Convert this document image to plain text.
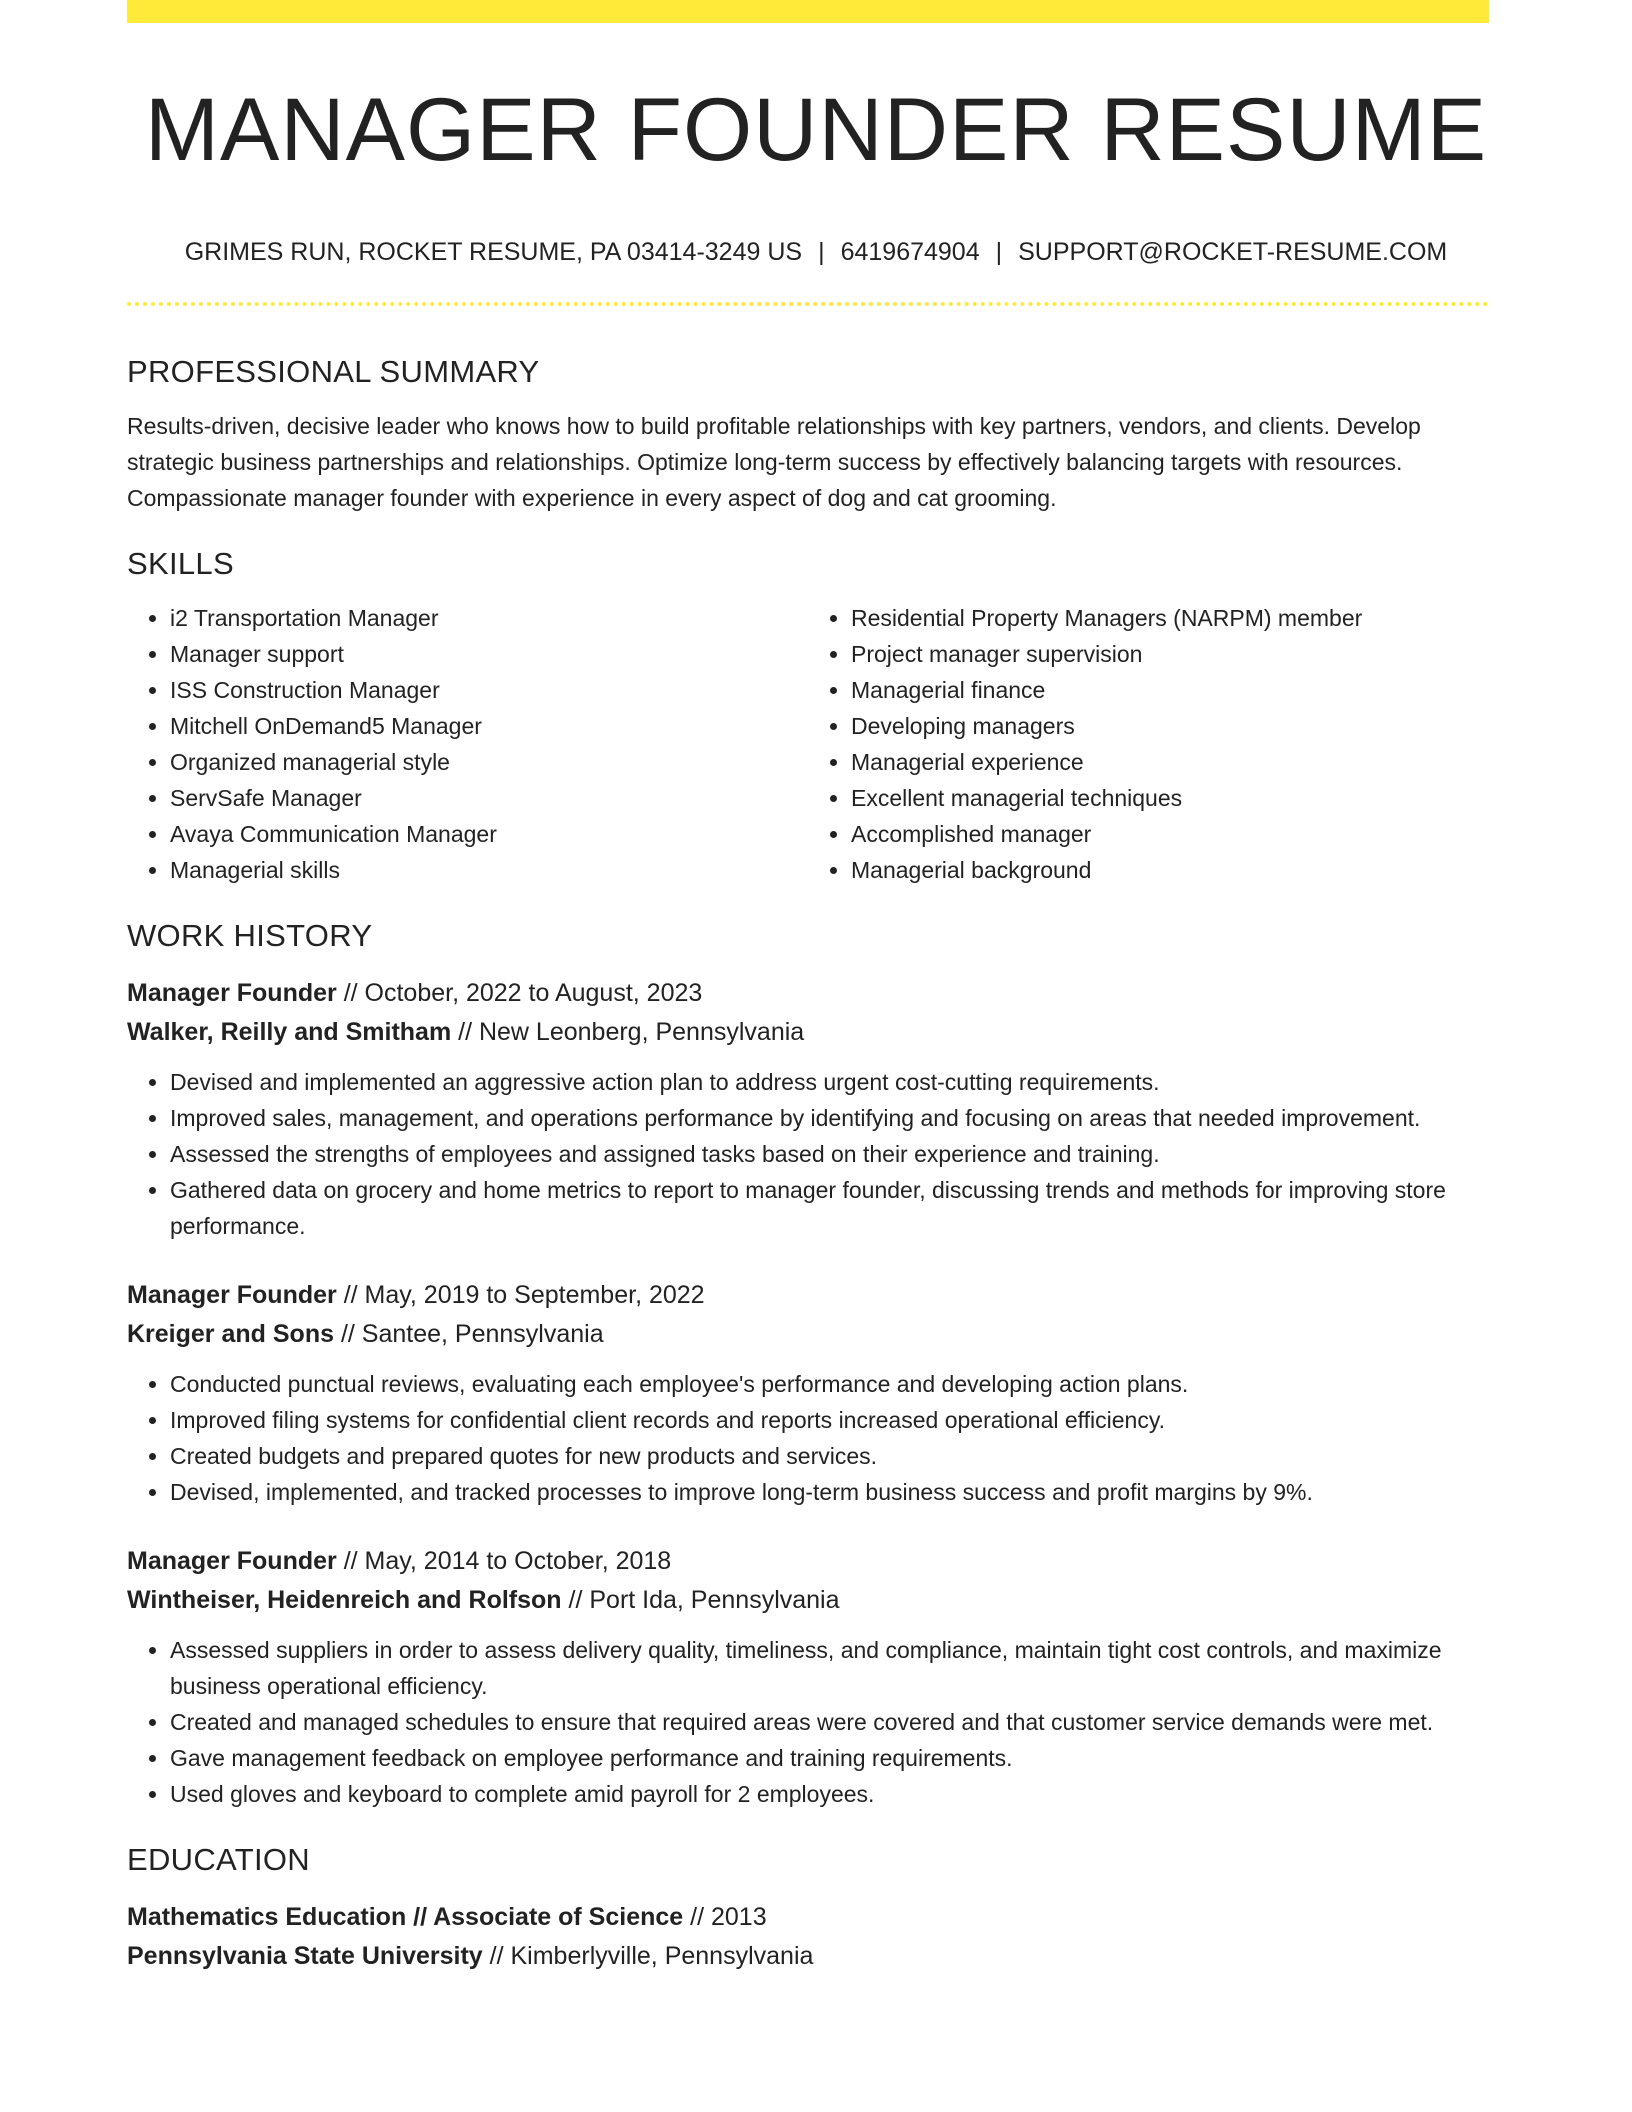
MANAGER FOUNDER RESUME
GRIMES RUN, ROCKET RESUME, PA 03414-3249 US | 6419674904 | SUPPORT@ROCKET-RESUME.COM
PROFESSIONAL SUMMARY

Results-driven, decisive leader who knows how to build profitable relationships with key partners, vendors, and clients. Develop strategic business partnerships and relationships. Optimize long-term success by effectively balancing targets with resources. Compassionate manager founder with experience in every aspect of dog and cat grooming.

SKILLS
• i2 Transportation Manager
• Manager support
• ISS Construction Manager
• Mitchell OnDemand5 Manager
• Organized managerial style
• ServSafe Manager
• Avaya Communication Manager
• Managerial skills
• Residential Property Managers (NARPM) member
• Project manager supervision
• Managerial finance
• Developing managers
• Managerial experience
• Excellent managerial techniques
• Accomplished manager
• Managerial background
WORK HISTORY
Manager Founder // October, 2022 to August, 2023
Walker, Reilly and Smitham // New Leonberg, Pennsylvania
• Devised and implemented an aggressive action plan to address urgent cost-cutting requirements.
• Improved sales, management, and operations performance by identifying and focusing on areas that needed improvement.
• Assessed the strengths of employees and assigned tasks based on their experience and training.
• Gathered data on grocery and home metrics to report to manager founder, discussing trends and methods for improving store performance.
Manager Founder // May, 2019 to September, 2022
Kreiger and Sons // Santee, Pennsylvania
• Conducted punctual reviews, evaluating each employee's performance and developing action plans.
• Improved filing systems for confidential client records and reports increased operational efficiency.
• Created budgets and prepared quotes for new products and services.
• Devised, implemented, and tracked processes to improve long-term business success and profit margins by 9%.
Manager Founder // May, 2014 to October, 2018
Wintheiser, Heidenreich and Rolfson // Port Ida, Pennsylvania
• Assessed suppliers in order to assess delivery quality, timeliness, and compliance, maintain tight cost controls, and maximize business operational efficiency.
• Created and managed schedules to ensure that required areas were covered and that customer service demands were met.
• Gave management feedback on employee performance and training requirements.
• Used gloves and keyboard to complete amid payroll for 2 employees.
EDUCATION
Mathematics Education // Associate of Science // 2013
Pennsylvania State University // Kimberlyville, Pennsylvania
